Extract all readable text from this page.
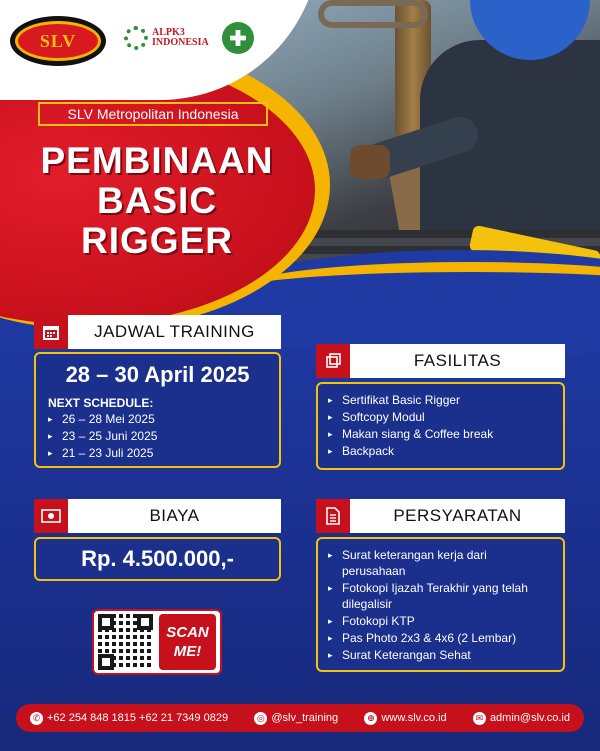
SLV	ALPK3
INDONESIA
SLV Metropolitan Indonesia
PEMBINAAN
BASIC
RIGGER
JADWAL TRAINING
28 – 30 April 2025
NEXT SCHEDULE:
▸ 26 – 28 Mei 2025
▸ 23 – 25 Juni 2025
▸ 21 – 23 Juli 2025
FASILITAS
▸ Sertifikat Basic Rigger
▸ Softcopy Modul
▸ Makan siang & Coffee break
▸ Backpack
BIAYA
Rp. 4.500.000,-
PERSYARATAN
▸ Surat keterangan kerja dari perusahaan
▸ Fotokopi Ijazah Terakhir yang telah dilegalisir
▸ Fotokopi KTP
▸ Pas Photo 2x3 & 4x6 (2 Lembar)
▸ Surat Keterangan Sehat
SCAN
ME!
✆ +62 254 848 1815 +62 21 7349 0829	◎ @slv_training	⊕ www.slv.co.id	✉ admin@slv.co.id
